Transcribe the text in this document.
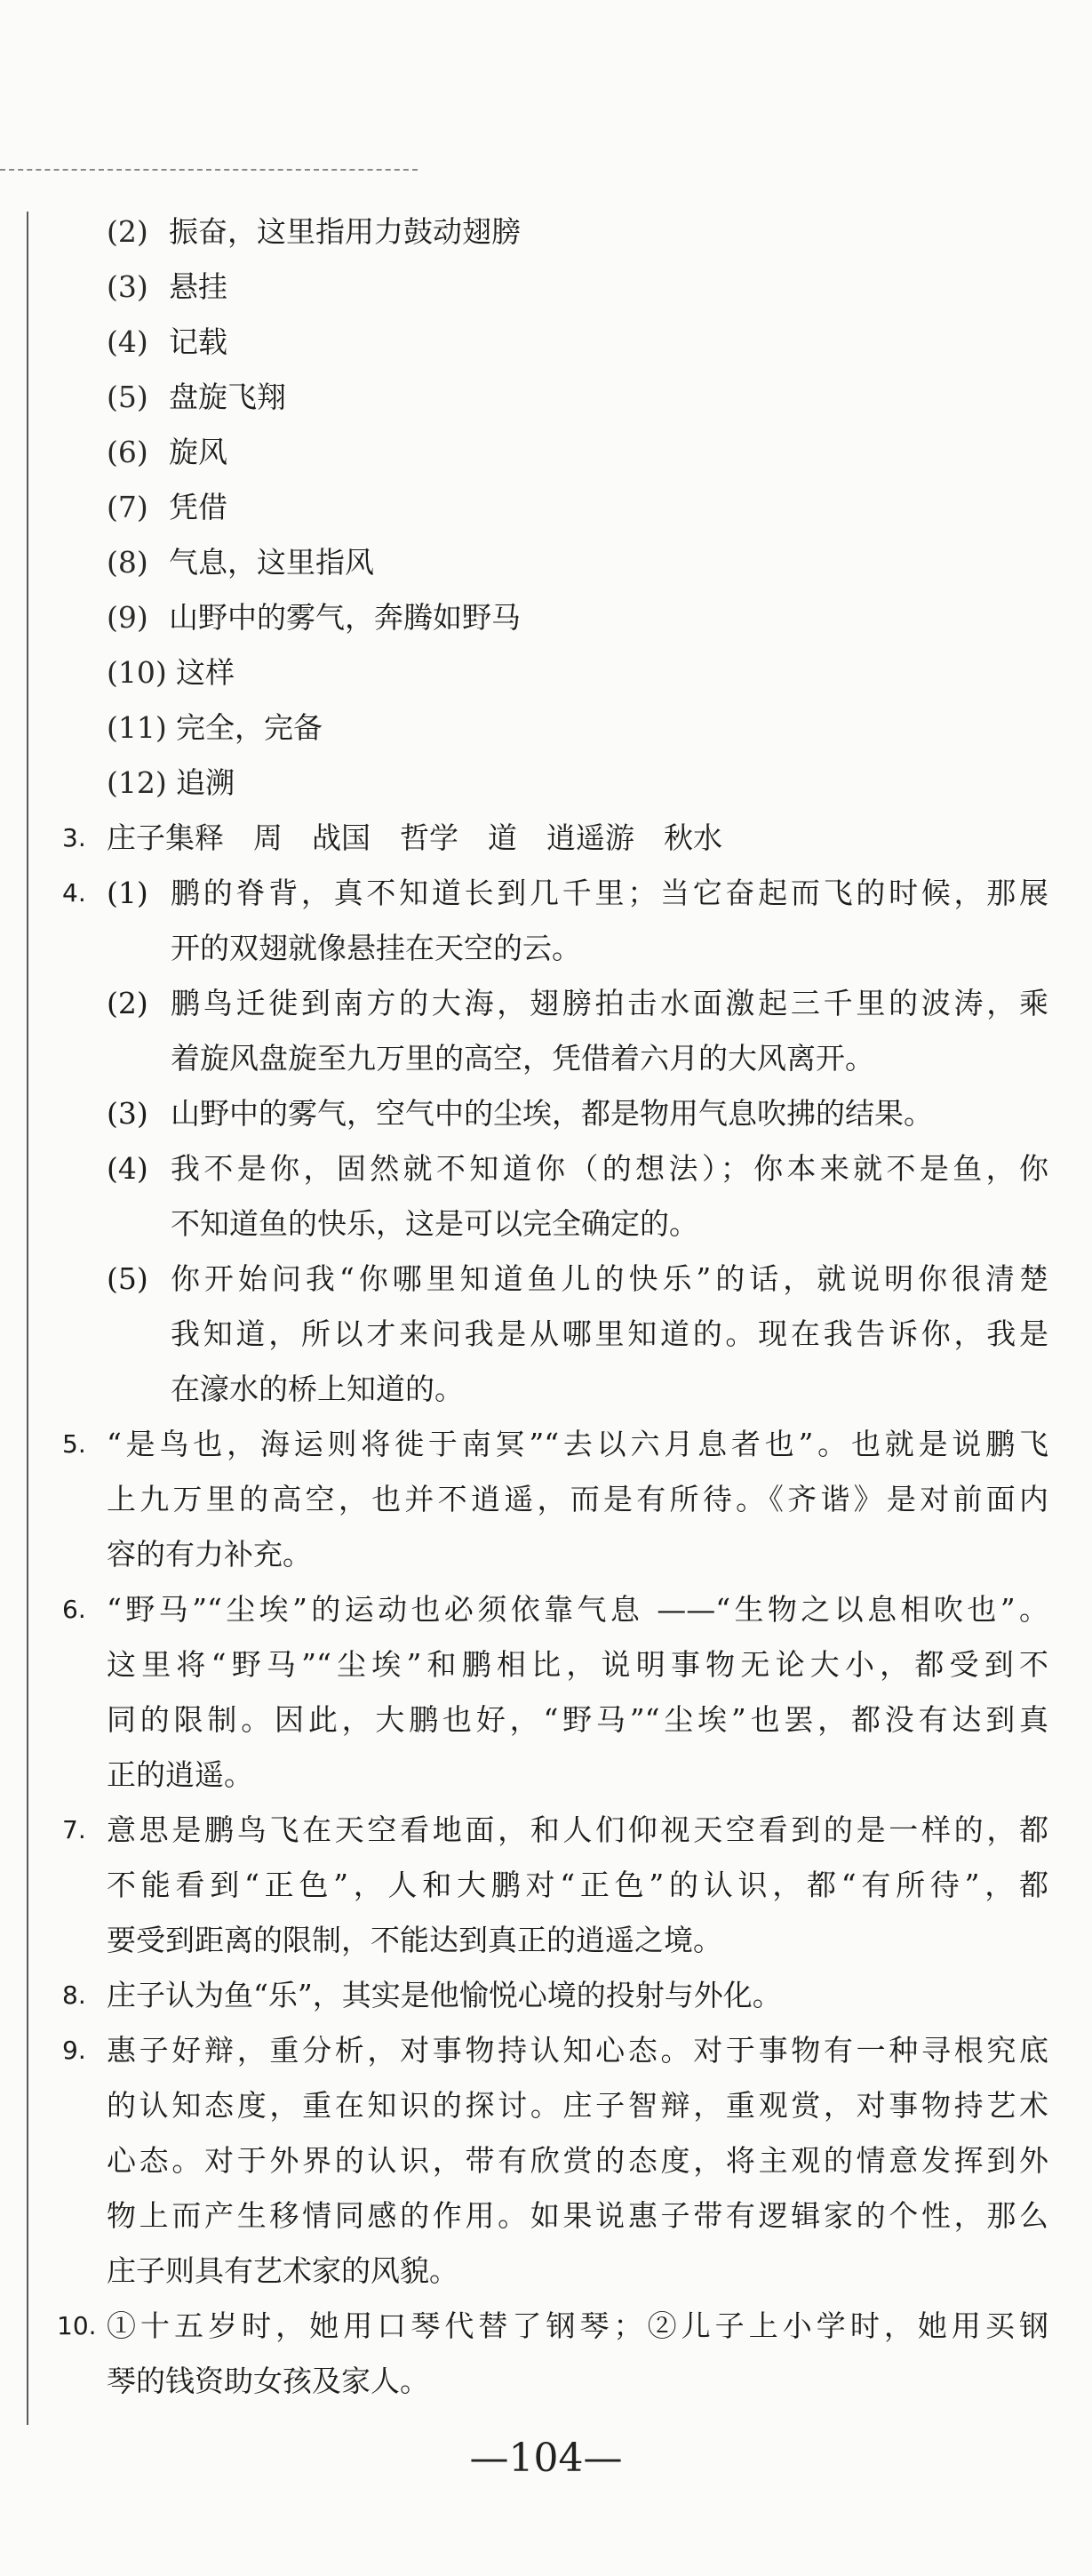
(2) 振奋，这里指用力鼓动翅膀
(3) 悬挂
(4) 记载
(5) 盘旋飞翔
(6) 旋风
(7) 凭借
(8) 气息，这里指风
(9) 山野中的雾气，奔腾如野马
(10) 这样
(11) 完全，完备
(12) 追溯
3. 庄子集释　周　战国　哲学　道　逍遥游　秋水
4. (1) 鹏的脊背，真不知道长到几千里；当它奋起而飞的时候，那展
开的双翅就像悬挂在天空的云。
(2) 鹏鸟迁徙到南方的大海，翅膀拍击水面激起三千里的波涛，乘
着旋风盘旋至九万里的高空，凭借着六月的大风离开。
(3) 山野中的雾气，空气中的尘埃，都是物用气息吹拂的结果。
(4) 我不是你，固然就不知道你（的想法）；你本来就不是鱼，你
不知道鱼的快乐，这是可以完全确定的。
(5) 你开始问我“你哪里知道鱼儿的快乐”的话，就说明你很清楚
我知道，所以才来问我是从哪里知道的。现在我告诉你，我是
在濠水的桥上知道的。
5. “是鸟也，海运则将徙于南冥”“去以六月息者也”。也就是说鹏飞
上九万里的高空，也并不逍遥，而是有所待。《齐谐》是对前面内
容的有力补充。
6. “野马”“尘埃”的运动也必须依靠气息 ——“生物之以息相吹也”。
这里将“野马”“尘埃”和鹏相比，说明事物无论大小，都受到不
同的限制。因此，大鹏也好，“野马”“尘埃”也罢，都没有达到真
正的逍遥。
7. 意思是鹏鸟飞在天空看地面，和人们仰视天空看到的是一样的，都
不能看到“正色”，人和大鹏对“正色”的认识，都“有所待”，都
要受到距离的限制，不能达到真正的逍遥之境。
8. 庄子认为鱼“乐”，其实是他愉悦心境的投射与外化。
9. 惠子好辩，重分析，对事物持认知心态。对于事物有一种寻根究底
的认知态度，重在知识的探讨。庄子智辩，重观赏，对事物持艺术
心态。对于外界的认识，带有欣赏的态度，将主观的情意发挥到外
物上而产生移情同感的作用。如果说惠子带有逻辑家的个性，那么
庄子则具有艺术家的风貌。
10. ①十五岁时，她用口琴代替了钢琴；②儿子上小学时，她用买钢
琴的钱资助女孩及家人。
—104—
